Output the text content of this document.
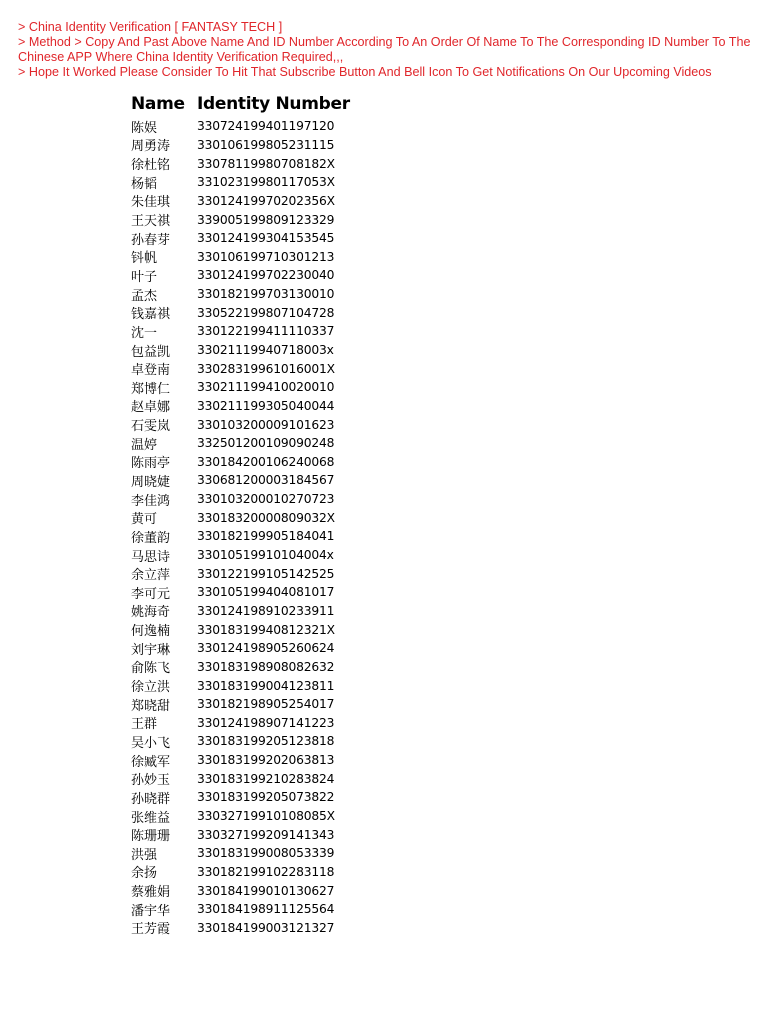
> China Identity Verification [ FANTASY TECH ]
> Method > Copy And Past Above Name And ID Number According To An Order Of Name To The Corresponding ID Number To The Chinese APP Where China Identity Verification Required,,,
> Hope It Worked Please Consider To Hit That Subscribe Button And Bell Icon To Get Notifications On Our Upcoming Videos
Name Identity Number
陈娱	330724199401197120
周勇涛	330106199805231115
徐杜铭	33078119980708182X
杨韬	33102319980117053X
朱佳琪	33012419970202356X
王天祺	339005199809123329
孙春芽	330124199304153545
钭帆	330106199710301213
叶子	330124199702230040
孟杰	330182199703130010
钱嘉祺	330522199807104728
沈一	330122199411110337
包益凯	33021119940718003x
卓登南	33028319961016001X
郑博仁	330211199410020010
赵卓娜	330211199305040044
石雯岚	330103200009101623
温婷	332501200109090248
陈雨亭	330184200106240068
周晓婕	330681200003184567
李佳鸿	330103200010270723
黄可	33018320000809032X
徐董韵	330182199905184041
马思诗	33010519910104004x
余立萍	330122199105142525
李可元	330105199404081017
姚海奇	330124198910233911
何逸楠	33018319940812321X
刘宇琳	330124198905260624
俞陈飞	330183198908082632
徐立洪	330183199004123811
郑晓甜	330182198905254017
王群	330124198907141223
吴小飞	330183199205123818
徐臧军	330183199202063813
孙妙玉	330183199210283824
孙晓群	330183199205073822
张维益	33032719910108085X
陈珊珊	330327199209141343
洪强	330183199008053339
余扬	330182199102283118
蔡雅娟	330184199010130627
潘宇华	330184198911125564
王芳霞	330184199003121327
